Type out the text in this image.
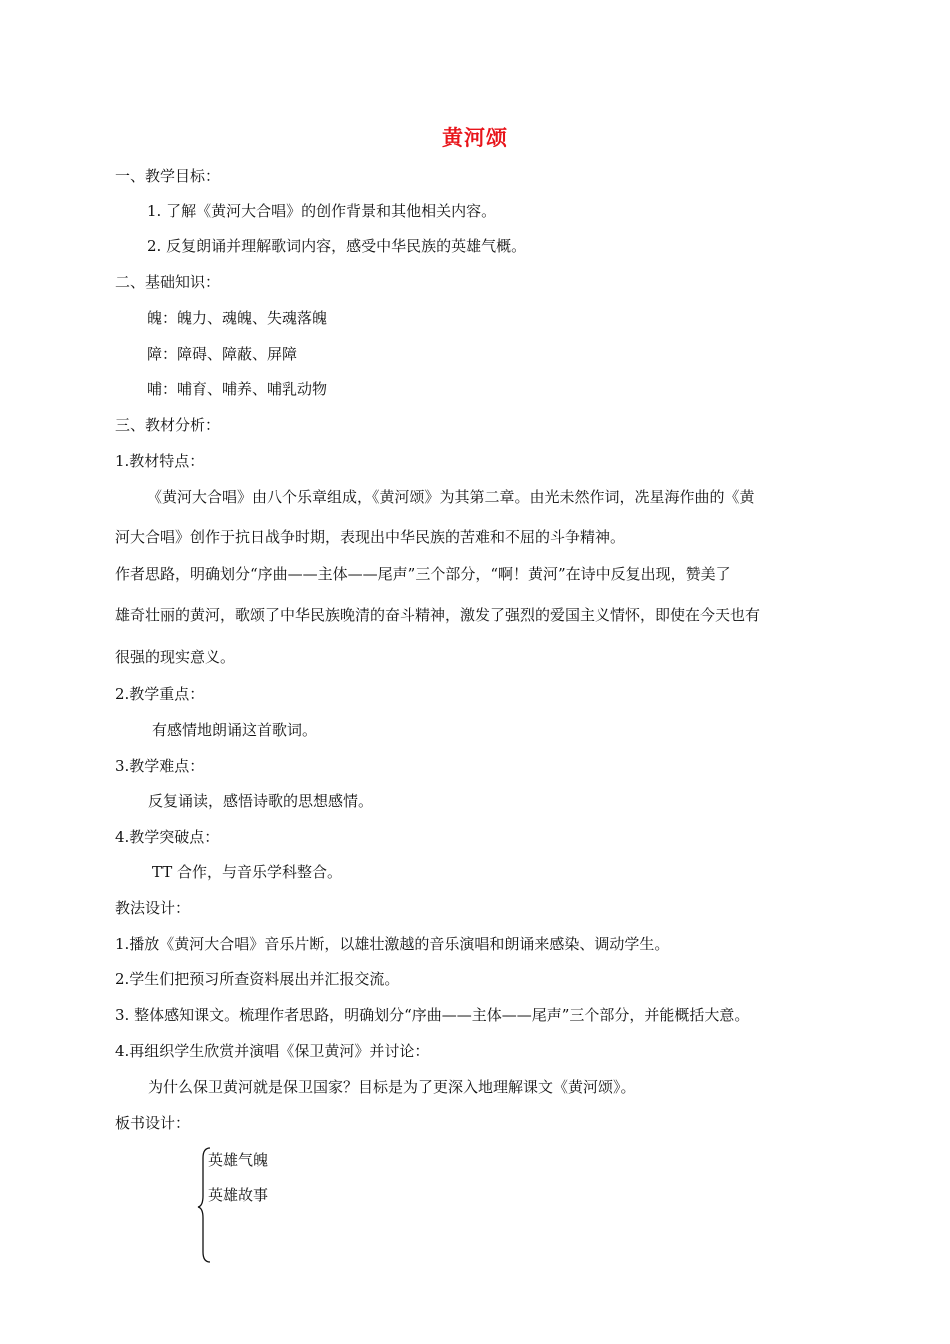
黄河颂
一、教学目标：
1. 了解《黄河大合唱》的创作背景和其他相关内容。
2. 反复朗诵并理解歌词内容，感受中华民族的英雄气概。
二、基础知识：
魄：魄力、魂魄、失魂落魄
障：障碍、障蔽、屏障
哺：哺育、哺养、哺乳动物
三、教材分析：
1.教材特点：
《黄河大合唱》由八个乐章组成，《黄河颂》为其第二章。由光未然作词，冼星海作曲的《黄
河大合唱》创作于抗日战争时期，表现出中华民族的苦难和不屈的斗争精神。
作者思路，明确划分“序曲——主体——尾声”三个部分，“啊！黄河”在诗中反复出现，赞美了
雄奇壮丽的黄河，歌颂了中华民族晚清的奋斗精神，激发了强烈的爱国主义情怀，即使在今天也有
很强的现实意义。
2.教学重点：
有感情地朗诵这首歌词。
3.教学难点：
反复诵读，感悟诗歌的思想感情。
4.教学突破点：
TT 合作，与音乐学科整合。
教法设计：
1.播放《黄河大合唱》音乐片断，以雄壮激越的音乐演唱和朗诵来感染、调动学生。
2.学生们把预习所查资料展出并汇报交流。
3. 整体感知课文。梳理作者思路，明确划分“序曲——主体——尾声”三个部分，并能概括大意。
4.再组织学生欣赏并演唱《保卫黄河》并讨论：
为什么保卫黄河就是保卫国家？目标是为了更深入地理解课文《黄河颂》。
板书设计：
英雄气魄
英雄故事
